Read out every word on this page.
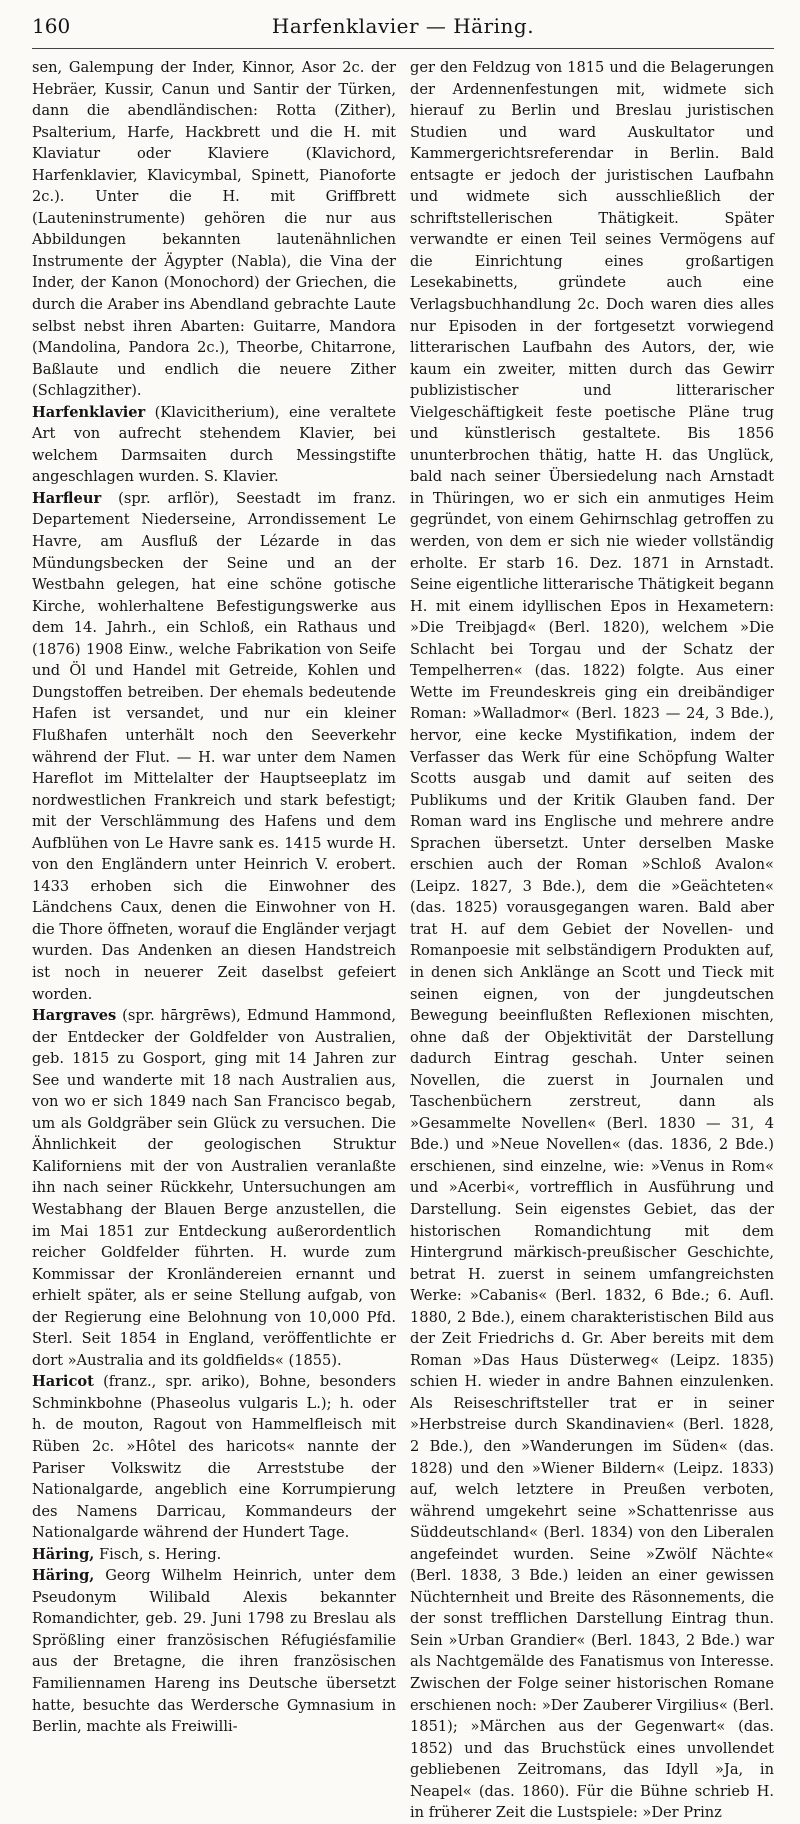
160	Harfenklavier — Häring.

sen, Galempung der Inder, Kinnor, Asor 2c. der Hebräer, Kussir, Canun und Santir der Türken, dann die abendländischen: Rotta (Zither), Psalterium, Harfe, Hackbrett und die H. mit Klaviatur oder Klaviere (Klavichord, Harfenklavier, Klavicymbal, Spinett, Pianoforte 2c.). Unter die H. mit Griffbrett (Lauteninstrumente) gehören die nur aus Abbildungen bekannten lautenähnlichen Instrumente der Ägypter (Nabla), die Vina der Inder, der Kanon (Monochord) der Griechen, die durch die Araber ins Abendland gebrachte Laute selbst nebst ihren Abarten: Guitarre, Mandora (Mandolina, Pandora 2c.), Theorbe, Chitarrone, Baßlaute und endlich die neuere Zither (Schlagzither).

Harfenklavier (Klavicitherium), eine veraltete Art von aufrecht stehendem Klavier, bei welchem Darmsaiten durch Messingstifte angeschlagen wurden. S. Klavier.

Harfleur (spr. arflör), Seestadt im franz. Departement Niederseine, Arrondissement Le Havre, am Ausfluß der Lézarde in das Mündungsbecken der Seine und an der Westbahn gelegen, hat eine schöne gotische Kirche, wohlerhaltene Befestigungswerke aus dem 14. Jahrh., ein Schloß, ein Rathaus und (1876) 1908 Einw., welche Fabrikation von Seife und Öl und Handel mit Getreide, Kohlen und Dungstoffen betreiben. Der ehemals bedeutende Hafen ist versandet, und nur ein kleiner Flußhafen unterhält noch den Seeverkehr während der Flut. — H. war unter dem Namen Hareflot im Mittelalter der Hauptseeplatz im nordwestlichen Frankreich und stark befestigt; mit der Verschlämmung des Hafens und dem Aufblühen von Le Havre sank es. 1415 wurde H. von den Engländern unter Heinrich V. erobert. 1433 erhoben sich die Einwohner des Ländchens Caux, denen die Einwohner von H. die Thore öffneten, worauf die Engländer verjagt wurden. Das Andenken an diesen Handstreich ist noch in neuerer Zeit daselbst gefeiert worden.

Hargraves (spr. hārgrēws), Edmund Hammond, der Entdecker der Goldfelder von Australien, geb. 1815 zu Gosport, ging mit 14 Jahren zur See und wanderte mit 18 nach Australien aus, von wo er sich 1849 nach San Francisco begab, um als Goldgräber sein Glück zu versuchen. Die Ähnlichkeit der geologischen Struktur Kaliforniens mit der von Australien veranlaßte ihn nach seiner Rückkehr, Untersuchungen am Westabhang der Blauen Berge anzustellen, die im Mai 1851 zur Entdeckung außerordentlich reicher Goldfelder führten. H. wurde zum Kommissar der Kronländereien ernannt und erhielt später, als er seine Stellung aufgab, von der Regierung eine Belohnung von 10,000 Pfd. Sterl. Seit 1854 in England, veröffentlichte er dort »Australia and its goldfields« (1855).

Haricot (franz., spr. ariko), Bohne, besonders Schminkbohne (Phaseolus vulgaris L.); h. oder h. de mouton, Ragout von Hammelfleisch mit Rüben 2c. »Hôtel des haricots« nannte der Pariser Volkswitz die Arreststube der Nationalgarde, angeblich eine Korrumpierung des Namens Darricau, Kommandeurs der Nationalgarde während der Hundert Tage.

Häring, Fisch, s. Hering.

Häring, Georg Wilhelm Heinrich, unter dem Pseudonym Wilibald Alexis bekannter Romandichter, geb. 29. Juni 1798 zu Breslau als Sprößling einer französischen Réfugiésfamilie aus der Bretagne, die ihren französischen Familiennamen Hareng ins Deutsche übersetzt hatte, besuchte das Werdersche Gymnasium in Berlin, machte als Freiwilli-

ger den Feldzug von 1815 und die Belagerungen der Ardennenfestungen mit, widmete sich hierauf zu Berlin und Breslau juristischen Studien und ward Auskultator und Kammergerichtsreferendar in Berlin. Bald entsagte er jedoch der juristischen Laufbahn und widmete sich ausschließlich der schriftstellerischen Thätigkeit. Später verwandte er einen Teil seines Vermögens auf die Einrichtung eines großartigen Lesekabinetts, gründete auch eine Verlagsbuchhandlung 2c. Doch waren dies alles nur Episoden in der fortgesetzt vorwiegend litterarischen Laufbahn des Autors, der, wie kaum ein zweiter, mitten durch das Gewirr publizistischer und litterarischer Vielgeschäftigkeit feste poetische Pläne trug und künstlerisch gestaltete. Bis 1856 ununterbrochen thätig, hatte H. das Unglück, bald nach seiner Übersiedelung nach Arnstadt in Thüringen, wo er sich ein anmutiges Heim gegründet, von einem Gehirnschlag getroffen zu werden, von dem er sich nie wieder vollständig erholte. Er starb 16. Dez. 1871 in Arnstadt. Seine eigentliche litterarische Thätigkeit begann H. mit einem idyllischen Epos in Hexametern: »Die Treibjagd« (Berl. 1820), welchem »Die Schlacht bei Torgau und der Schatz der Tempelherren« (das. 1822) folgte. Aus einer Wette im Freundeskreis ging ein dreibändiger Roman: »Walladmor« (Berl. 1823 — 24, 3 Bde.), hervor, eine kecke Mystifikation, indem der Verfasser das Werk für eine Schöpfung Walter Scotts ausgab und damit auf seiten des Publikums und der Kritik Glauben fand. Der Roman ward ins Englische und mehrere andre Sprachen übersetzt. Unter derselben Maske erschien auch der Roman »Schloß Avalon« (Leipz. 1827, 3 Bde.), dem die »Geächteten« (das. 1825) vorausgegangen waren. Bald aber trat H. auf dem Gebiet der Novellen- und Romanpoesie mit selbständigern Produkten auf, in denen sich Anklänge an Scott und Tieck mit seinen eignen, von der jungdeutschen Bewegung beeinflußten Reflexionen mischten, ohne daß der Objektivität der Darstellung dadurch Eintrag geschah. Unter seinen Novellen, die zuerst in Journalen und Taschenbüchern zerstreut, dann als »Gesammelte Novellen« (Berl. 1830 — 31, 4 Bde.) und »Neue Novellen« (das. 1836, 2 Bde.) erschienen, sind einzelne, wie: »Venus in Rom« und »Acerbi«, vortrefflich in Ausführung und Darstellung. Sein eigenstes Gebiet, das der historischen Romandichtung mit dem Hintergrund märkisch-preußischer Geschichte, betrat H. zuerst in seinem umfangreichsten Werke: »Cabanis« (Berl. 1832, 6 Bde.; 6. Aufl. 1880, 2 Bde.), einem charakteristischen Bild aus der Zeit Friedrichs d. Gr. Aber bereits mit dem Roman »Das Haus Düsterweg« (Leipz. 1835) schien H. wieder in andre Bahnen einzulenken. Als Reiseschriftsteller trat er in seiner »Herbstreise durch Skandinavien« (Berl. 1828, 2 Bde.), den »Wanderungen im Süden« (das. 1828) und den »Wiener Bildern« (Leipz. 1833) auf, welch letztere in Preußen verboten, während umgekehrt seine »Schattenrisse aus Süddeutschland« (Berl. 1834) von den Liberalen angefeindet wurden. Seine »Zwölf Nächte« (Berl. 1838, 3 Bde.) leiden an einer gewissen Nüchternheit und Breite des Räsonnements, die der sonst trefflichen Darstellung Eintrag thun. Sein »Urban Grandier« (Berl. 1843, 2 Bde.) war als Nachtgemälde des Fanatismus von Interesse. Zwischen der Folge seiner historischen Romane erschienen noch: »Der Zauberer Virgilius« (Berl. 1851); »Märchen aus der Gegenwart« (das. 1852) und das Bruchstück eines unvollendet gebliebenen Zeitromans, das Idyll »Ja, in Neapel« (das. 1860). Für die Bühne schrieb H. in früherer Zeit die Lustspiele: »Der Prinz
